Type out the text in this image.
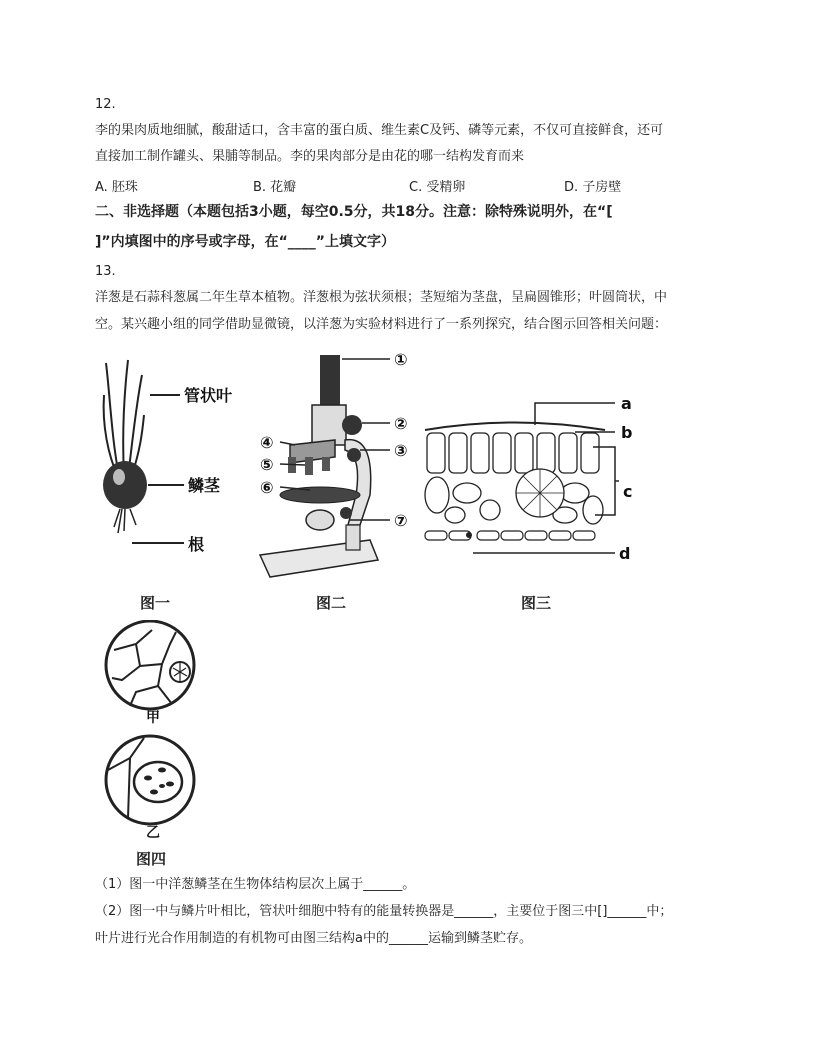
12.
李的果肉质地细腻，酸甜适口，含丰富的蛋白质、维生素C及钙、磷等元素，不仅可直接鲜食，还可
直接加工制作罐头、果脯等制品。李的果肉部分是由花的哪一结构发育而来
A. 胚珠	B. 花瓣	C. 受精卵	D. 子房壁
二、非选择题（本题包括3小题，每空0.5分，共18分。注意：除特殊说明外，在“[
]”内填图中的序号或字母，在“____”上填文字）
13.
洋葱是石蒜科葱属二年生草本植物。洋葱根为弦状须根；茎短缩为茎盘，呈扁圆锥形；叶圆筒状，中
空。某兴趣小组的同学借助显微镜，以洋葱为实验材料进行了一系列探究，结合图示回答相关问题：
管状叶
鳞茎
根
图一
①
②
③
④
⑤
⑥
⑦
图二
a
b
c
d
图三
甲
乙
图四
（1）图一中洋葱鳞茎在生物体结构层次上属于______。
（2）图一中与鳞片叶相比，管状叶细胞中特有的能量转换器是______，主要位于图三中[]______中；
叶片进行光合作用制造的有机物可由图三结构a中的______运输到鳞茎贮存。
